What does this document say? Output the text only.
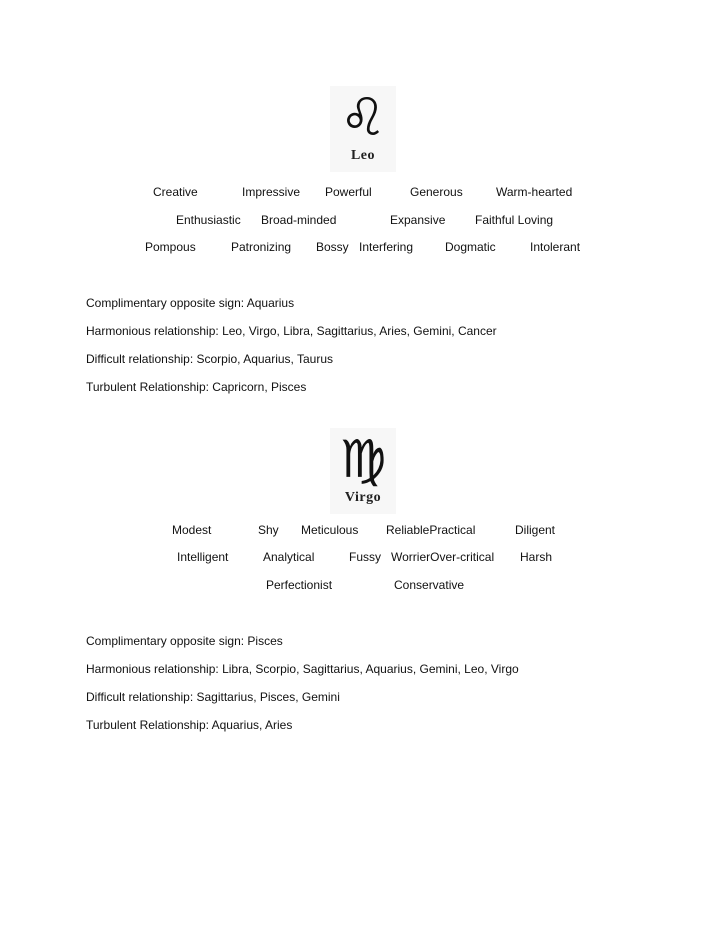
♌
Leo
Creative	Impressive Powerful	Generous	Warm-hearted
Enthusiastic Broad-minded	Expansive Faithful Loving
Pompous	Patronizing Bossy Interfering	Dogmatic	Intolerant
Complimentary opposite sign: Aquarius
Harmonious relationship: Leo, Virgo, Libra, Sagittarius, Aries, Gemini, Cancer
Difficult relationship: Scorpio, Aquarius, Taurus
Turbulent Relationship: Capricorn, Pisces
♍
Virgo
Modest	Shy Meticulous ReliablePractical	Diligent
Intelligent	Analytical	Fussy WorrierOver-critical Harsh
Perfectionist	Conservative
Complimentary opposite sign: Pisces
Harmonious relationship: Libra, Scorpio, Sagittarius, Aquarius, Gemini, Leo, Virgo
Difficult relationship: Sagittarius, Pisces, Gemini
Turbulent Relationship: Aquarius, Aries
